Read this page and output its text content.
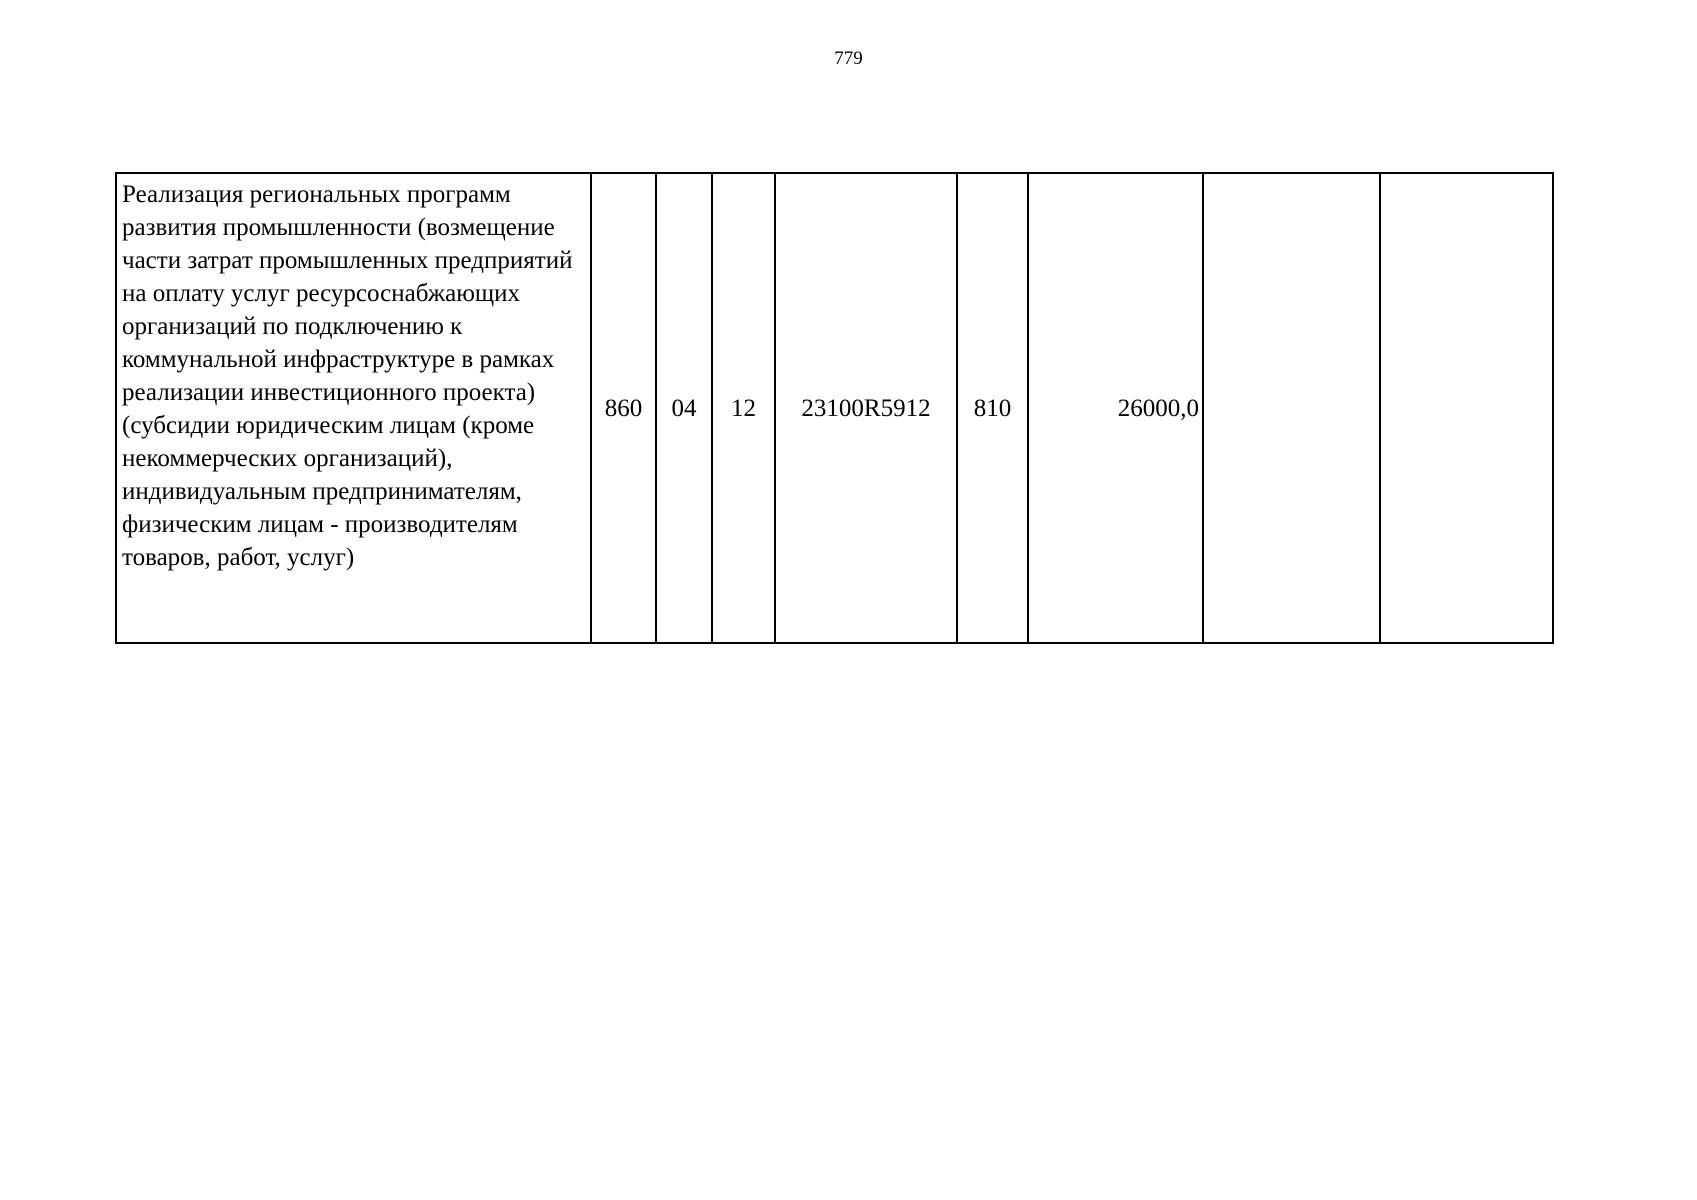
779
Реализация региональных программ развития промышленности (возмещение части затрат промышленных предприятий на оплату услуг ресурсоснабжающих организаций по подключению к коммунальной инфраструктуре в рамках реализации инвестиционного проекта) (субсидии юридическим лицам (кроме некоммерческих организаций), индивидуальным предпринимателям, физическим лицам - производителям товаров, работ, услуг)	860	04	12	23100R5912	810	26000,0		
